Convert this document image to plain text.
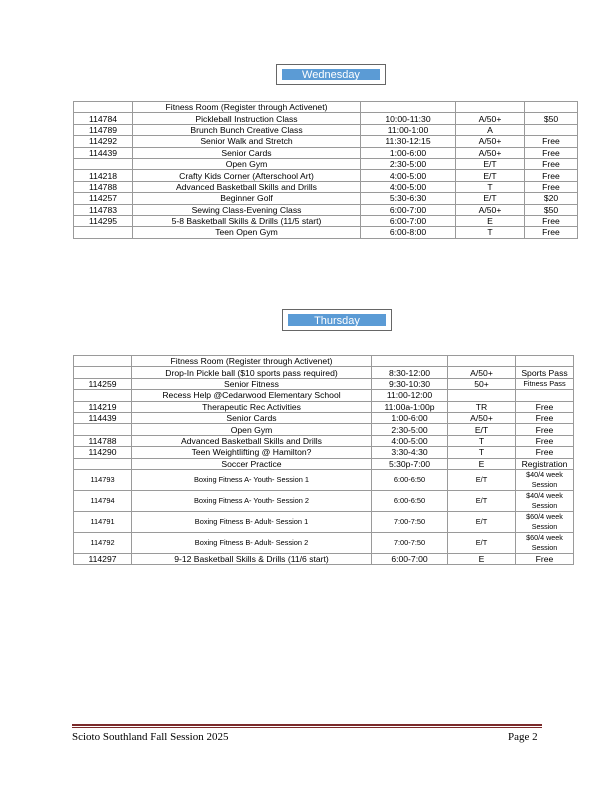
Wednesday
	Fitness Room (Register through Activenet)			
114784	Pickleball Instruction Class	10:00-11:30	A/50+	$50
114789	Brunch Bunch Creative Class	11:00-1:00	A	
114292	Senior Walk and Stretch	11:30-12:15	A/50+	Free
114439	Senior Cards	1:00-6:00	A/50+	Free
	Open Gym	2:30-5:00	E/T	Free
114218	Crafty Kids Corner (Afterschool Art)	4:00-5:00	E/T	Free
114788	Advanced Basketball Skills and Drills	4:00-5:00	T	Free
114257	Beginner Golf	5:30-6:30	E/T	$20
114783	Sewing Class-Evening Class	6:00-7:00	A/50+	$50
114295	5-8 Basketball Skills & Drills (11/5 start)	6:00-7:00	E	Free
	Teen Open Gym	6:00-8:00	T	Free
Thursday
	Fitness Room (Register through Activenet)			
	Drop-In Pickle ball ($10 sports pass required)	8:30-12:00	A/50+	Sports Pass
114259	Senior Fitness	9:30-10:30	50+	Fitness Pass
	Recess Help @Cedarwood Elementary School	11:00-12:00		
114219	Therapeutic Rec Activities	11:00a-1:00p	TR	Free
114439	Senior Cards	1:00-6:00	A/50+	Free
	Open Gym	2:30-5:00	E/T	Free
114788	Advanced Basketball Skills and Drills	4:00-5:00	T	Free
114290	Teen Weightlifting @ Hamilton?	3:30-4:30	T	Free
	Soccer Practice	5:30p-7:00	E	Registration
114793	Boxing Fitness A- Youth- Session 1	6:00-6:50	E/T	$40/4 week Session
114794	Boxing Fitness A- Youth- Session 2	6:00-6:50	E/T	$40/4 week Session
114791	Boxing Fitness B- Adult- Session 1	7:00-7:50	E/T	$60/4 week Session
114792	Boxing Fitness B- Adult- Session 2	7:00-7:50	E/T	$60/4 week Session
114297	9-12 Basketball Skills & Drills (11/6 start)	6:00-7:00	E	Free
Scioto Southland Fall Session 2025	Page 2
